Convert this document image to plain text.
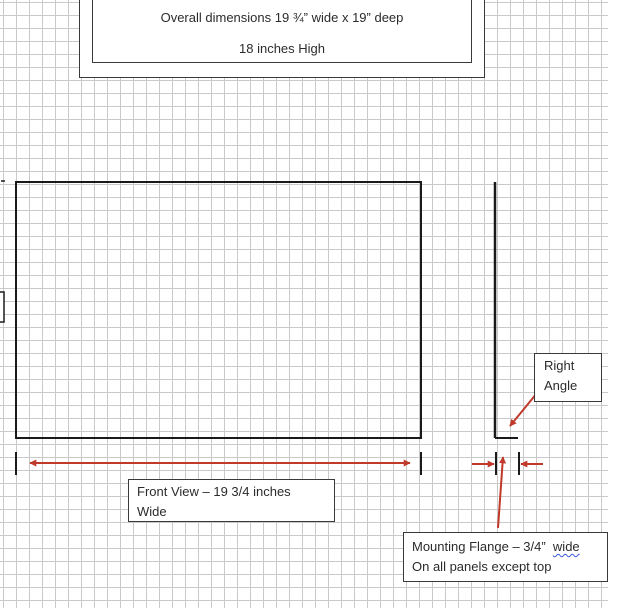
Overall dimensions 19 ¾” wide x 19” deep
18 inches High
Right
Angle
Front View – 19 3/4 inches
Wide
Mounting Flange – 3/4”  wide
On all panels except top
